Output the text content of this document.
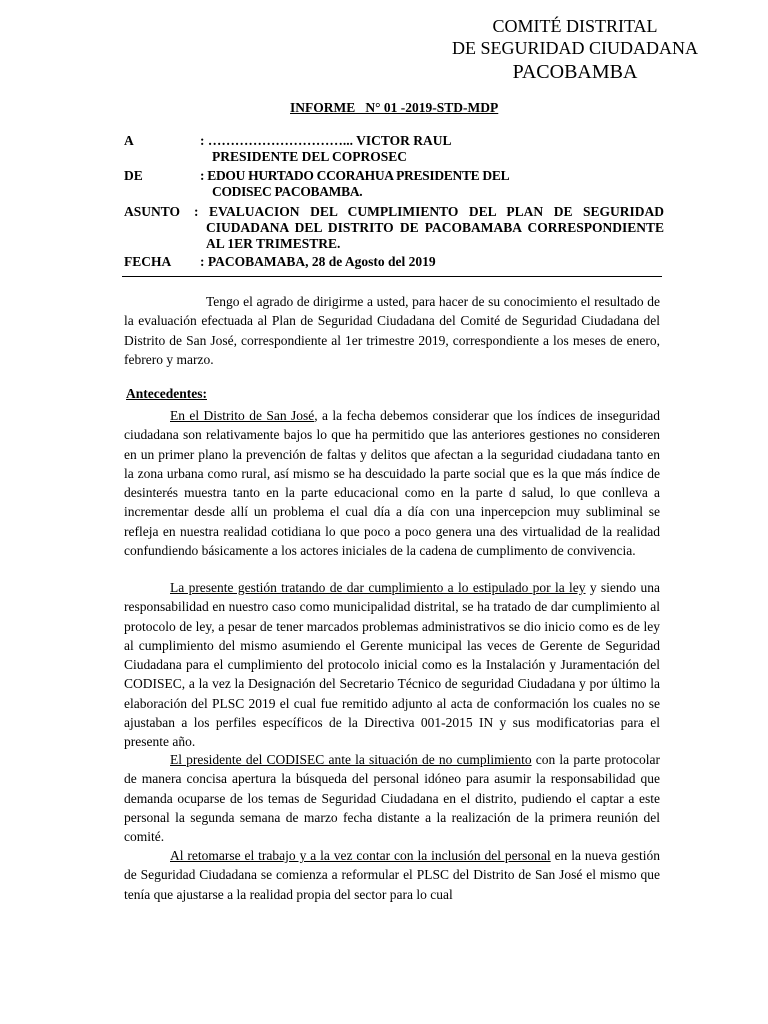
COMITÉ DISTRITAL
DE SEGURIDAD CIUDADANA
PACOBAMBA
INFORME   N° 01 -2019-STD-MDP
A	: …………………………... VICTOR RAUL
PRESIDENTE DEL COPROSEC
DE	: EDOU HURTADO CCORAHUA PRESIDENTE DEL
CODISEC PACOBAMBA.
ASUNTO : EVALUACION DEL CUMPLIMIENTO DEL PLAN DE SEGURIDAD
CIUDADANA DEL DISTRITO DE PACOBAMABA CORRESPONDIENTE
AL 1ER TRIMESTRE.
FECHA : PACOBAMABA, 28 de Agosto del 2019

Tengo el agrado de dirigirme a usted, para hacer de su conocimiento el resultado de la evaluación efectuada al Plan de Seguridad Ciudadana del Comité de Seguridad Ciudadana del Distrito de San José, correspondiente al 1er trimestre 2019, correspondiente a los meses de enero, febrero y marzo.

Antecedentes:

En el Distrito de San José, a la fecha debemos considerar que los índices de inseguridad ciudadana son relativamente bajos lo que ha permitido que las anteriores gestiones no consideren en un primer plano la prevención de faltas y delitos que afectan a la seguridad ciudadana tanto en la zona urbana como rural, así mismo se ha descuidado la parte social que es la que más índice de desinterés muestra tanto en la parte educacional como en la parte d salud, lo que conlleva a incrementar desde allí un problema el cual día a día con una inpercepcion muy subliminal se refleja en nuestra realidad cotidiana lo que poco a poco genera una des virtualidad de la realidad confundiendo básicamente a los actores iniciales de la cadena de cumplimento de convivencia.

La presente gestión tratando de dar cumplimiento a lo estipulado por la ley y siendo una responsabilidad en nuestro caso como municipalidad distrital, se ha tratado de dar cumplimiento al protocolo de ley, a pesar de tener marcados problemas administrativos se dio inicio como es de ley al cumplimiento del mismo asumiendo el Gerente municipal las veces de Gerente de Seguridad Ciudadana para el cumplimiento del protocolo inicial como es la Instalación y Juramentación del CODISEC, a la vez la Designación del Secretario Técnico de seguridad Ciudadana y por último la elaboración del PLSC 2019 el cual fue remitido adjunto al acta de conformación los cuales no se ajustaban a los perfiles específicos de la Directiva 001-2015 IN y sus modificatorias para el presente año.

El presidente del CODISEC ante la situación de no cumplimiento con la parte protocolar de manera concisa apertura la búsqueda del personal idóneo para asumir la responsabilidad que demanda ocuparse de los temas de Seguridad Ciudadana en el distrito, pudiendo el captar a este personal la segunda semana de marzo fecha distante a la realización de la primera reunión del comité.

Al retomarse el trabajo y a la vez contar con la inclusión del personal en la nueva gestión de Seguridad Ciudadana se comienza a reformular el PLSC del Distrito de San José el mismo que tenía que ajustarse a la realidad propia del sector para lo cual
